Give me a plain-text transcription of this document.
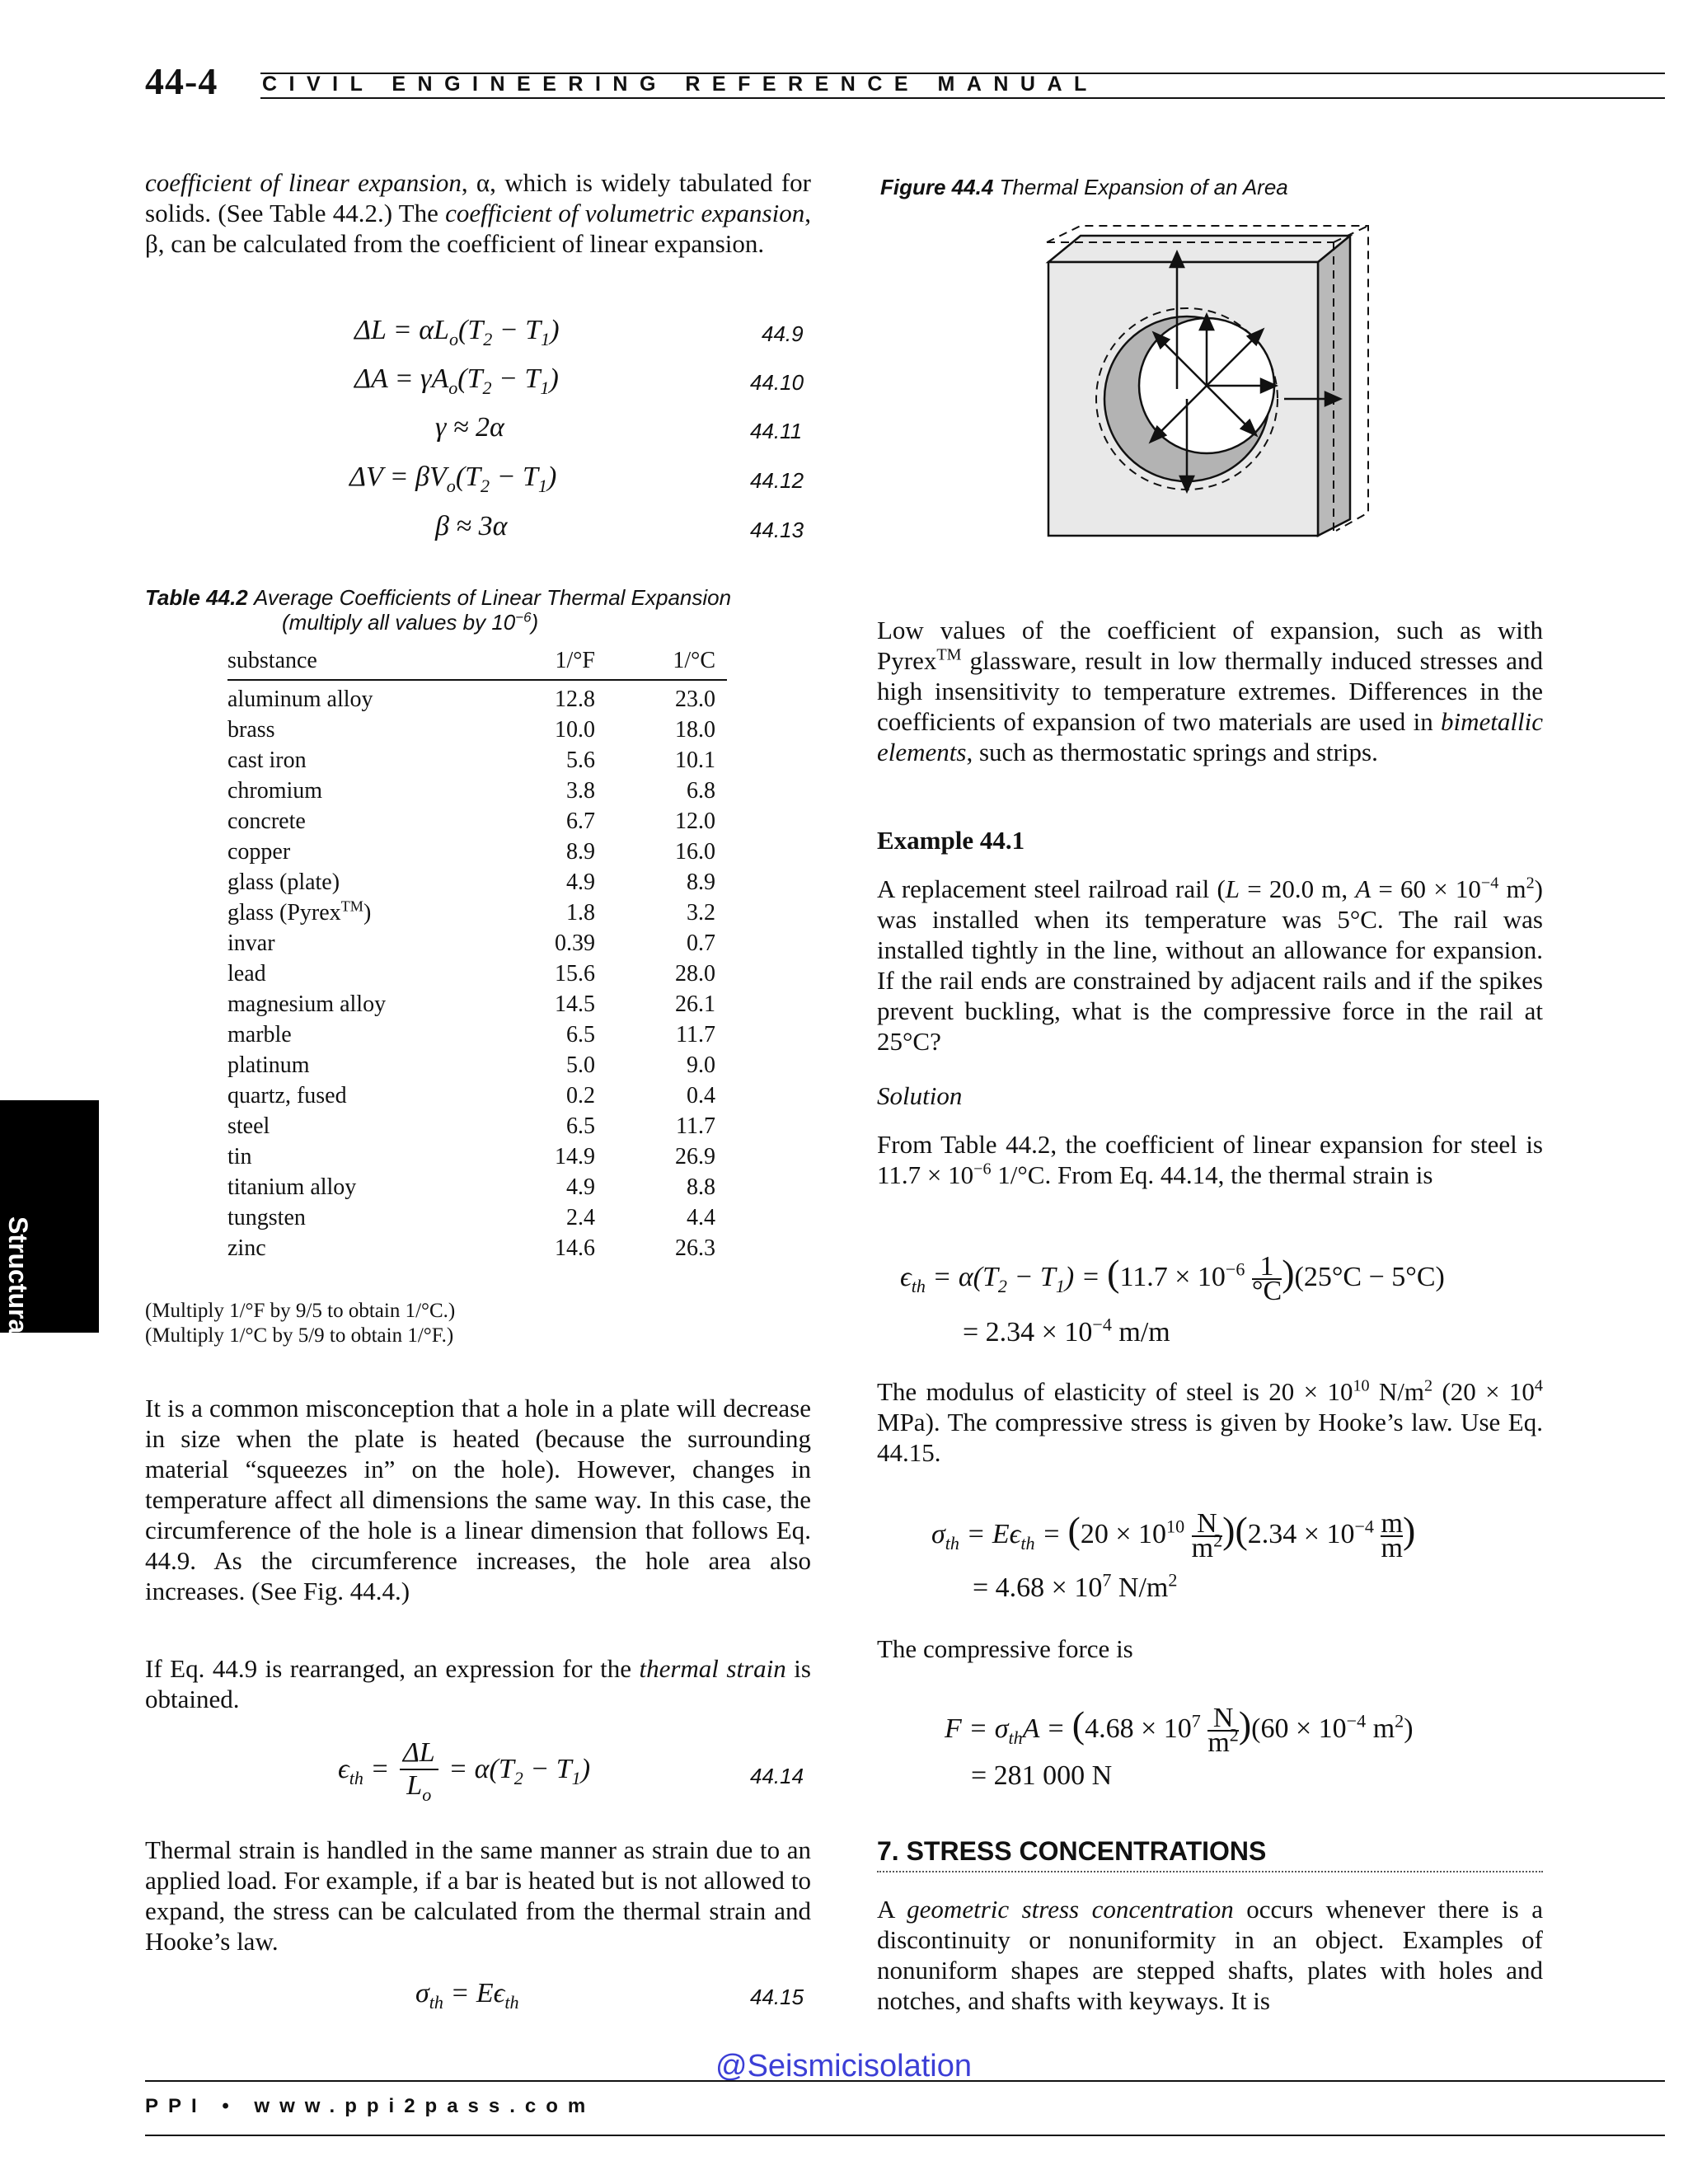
44-4 CIVIL ENGINEERING REFERENCE MANUAL
Structural
coefficient of linear expansion, α, which is widely tabulated for solids. (See Table 44.2.) The coefficient of volumetric expansion, β, can be calculated from the coefficient of linear expansion.
$\Delta L = \alpha L_o(T_2 - T_1)$	44.9
$\Delta A = \gamma A_o(T_2 - T_1)$	44.10
γ ≈ 2α	44.11
$\Delta V = \beta V_o(T_2 - T_1)$	44.12
β ≈ 3α	44.13
Table 44.2 Average Coefficients of Linear Thermal Expansion
(multiply all values by $10^{-6}$)
substance	1/°F	1/°C
aluminum alloy	12.8	23.0
brass	10.0	18.0
cast iron	5.6	10.1
chromium	3.8	6.8
concrete	6.7	12.0
copper	8.9	16.0
glass (plate)	4.9	8.9
glass (Pyrex™)	1.8	3.2
invar	0.39	0.7
lead	15.6	28.0
magnesium alloy	14.5	26.1
marble	6.5	11.7
platinum	5.0	9.0
quartz, fused	0.2	0.4
steel	6.5	11.7
tin	14.9	26.9
titanium alloy	4.9	8.8
tungsten	2.4	4.4
zinc	14.6	26.3
(Multiply 1/°F by 9/5 to obtain 1/°C.)
(Multiply 1/°C by 5/9 to obtain 1/°F.)
It is a common misconception that a hole in a plate will decrease in size when the plate is heated (because the surrounding material “squeezes in” on the hole). However, changes in temperature affect all dimensions the same way. In this case, the circumference of the hole is a linear dimension that follows Eq. 44.9. As the circumference increases, the hole area also increases. (See Fig. 44.4.)
If Eq. 44.9 is rearranged, an expression for the thermal strain is obtained.
$\epsilon_{th} = \frac{\Delta L}{L_o} = \alpha(T_2 - T_1)$	44.14
Thermal strain is handled in the same manner as strain due to an applied load. For example, if a bar is heated but is not allowed to expand, the stress can be calculated from the thermal strain and Hooke’s law.
$\sigma_{th} = E\epsilon_{th}$	44.15
Figure 44.4 Thermal Expansion of an Area
Low values of the coefficient of expansion, such as with Pyrex™ glassware, result in low thermally induced stresses and high insensitivity to temperature extremes. Differences in the coefficients of expansion of two materials are used in bimetallic elements, such as thermostatic springs and strips.
Example 44.1
A replacement steel railroad rail (L = 20.0 m, $A = 60 \times 10^{-4}$ $m^2$) was installed when its temperature was 5°C. The rail was installed tightly in the line, without an allowance for expansion. If the rail ends are constrained by adjacent rails and if the spikes prevent buckling, what is the compressive force in the rail at 25°C?
Solution
From Table 44.2, the coefficient of linear expansion for steel is $11.7 \times 10^{-6}$ 1/°C. From Eq. 44.14, the thermal strain is
$\epsilon_{th} = \alpha(T_2 - T_1) = (11.7 \times 10^{-6} \frac{1}{^\circ C} )(25^\circ C - 5^\circ C)$
= $2.34 \times 10^{-4}$ m/m
The modulus of elasticity of steel is $20 \times 10^{10}$ $N/m^2$ ($20 \times 10^4$ MPa). The compressive stress is given by Hooke’s law. Use Eq. 44.15.
$\sigma_{th} = E\epsilon_{th} = (20 \times 10^{10} \frac{N}{m^2} )(2.34 \times 10^{-4} \frac{m}{m}$ )
= $4.68 \times 10^7$ $N/m^2$
The compressive force is
$F = \sigma_{th}A = (4.68 \times 10^7 \frac{N}{m^2} )(60 \times 10^{-4}$ $m^2$)
= 281 000 N
7. STRESS CONCENTRATIONS
A geometric stress concentration occurs whenever there is a discontinuity or nonuniformity in an object. Examples of nonuniform shapes are stepped shafts, plates with holes and notches, and shafts with keyways. It is
@Seismicisolation
PPI • www.ppi2pass.com
